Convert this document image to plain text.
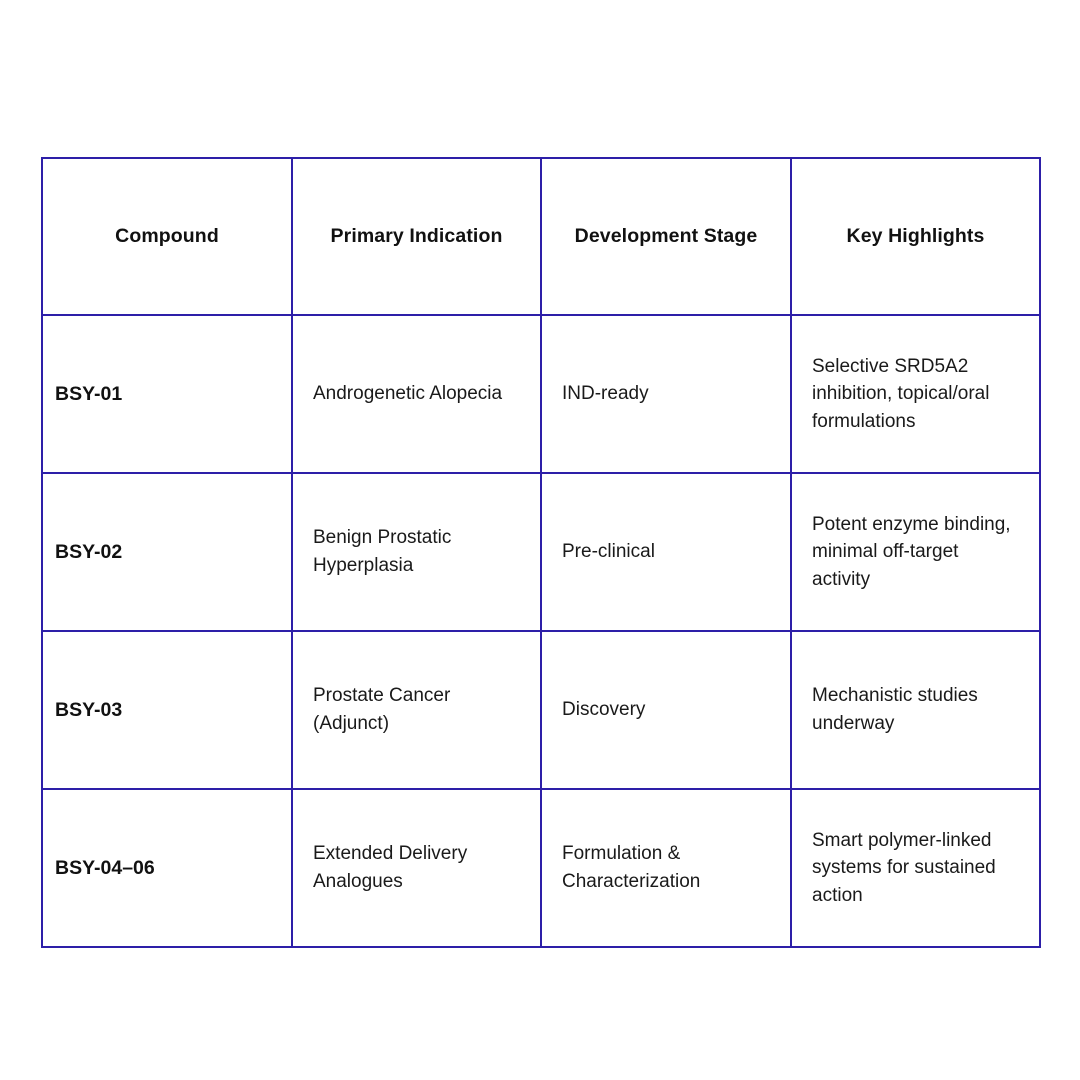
Compound	Primary Indication	Development Stage	Key Highlights
BSY-01	Androgenetic Alopecia	IND-ready	Selective SRD5A2 inhibition, topical/oral formulations
BSY-02	Benign Prostatic Hyperplasia	Pre-clinical	Potent enzyme binding, minimal off-target activity
BSY-03	Prostate Cancer (Adjunct)	Discovery	Mechanistic studies underway
BSY-04–06	Extended Delivery Analogues	Formulation & Characterization	Smart polymer-linked systems for sustained action
